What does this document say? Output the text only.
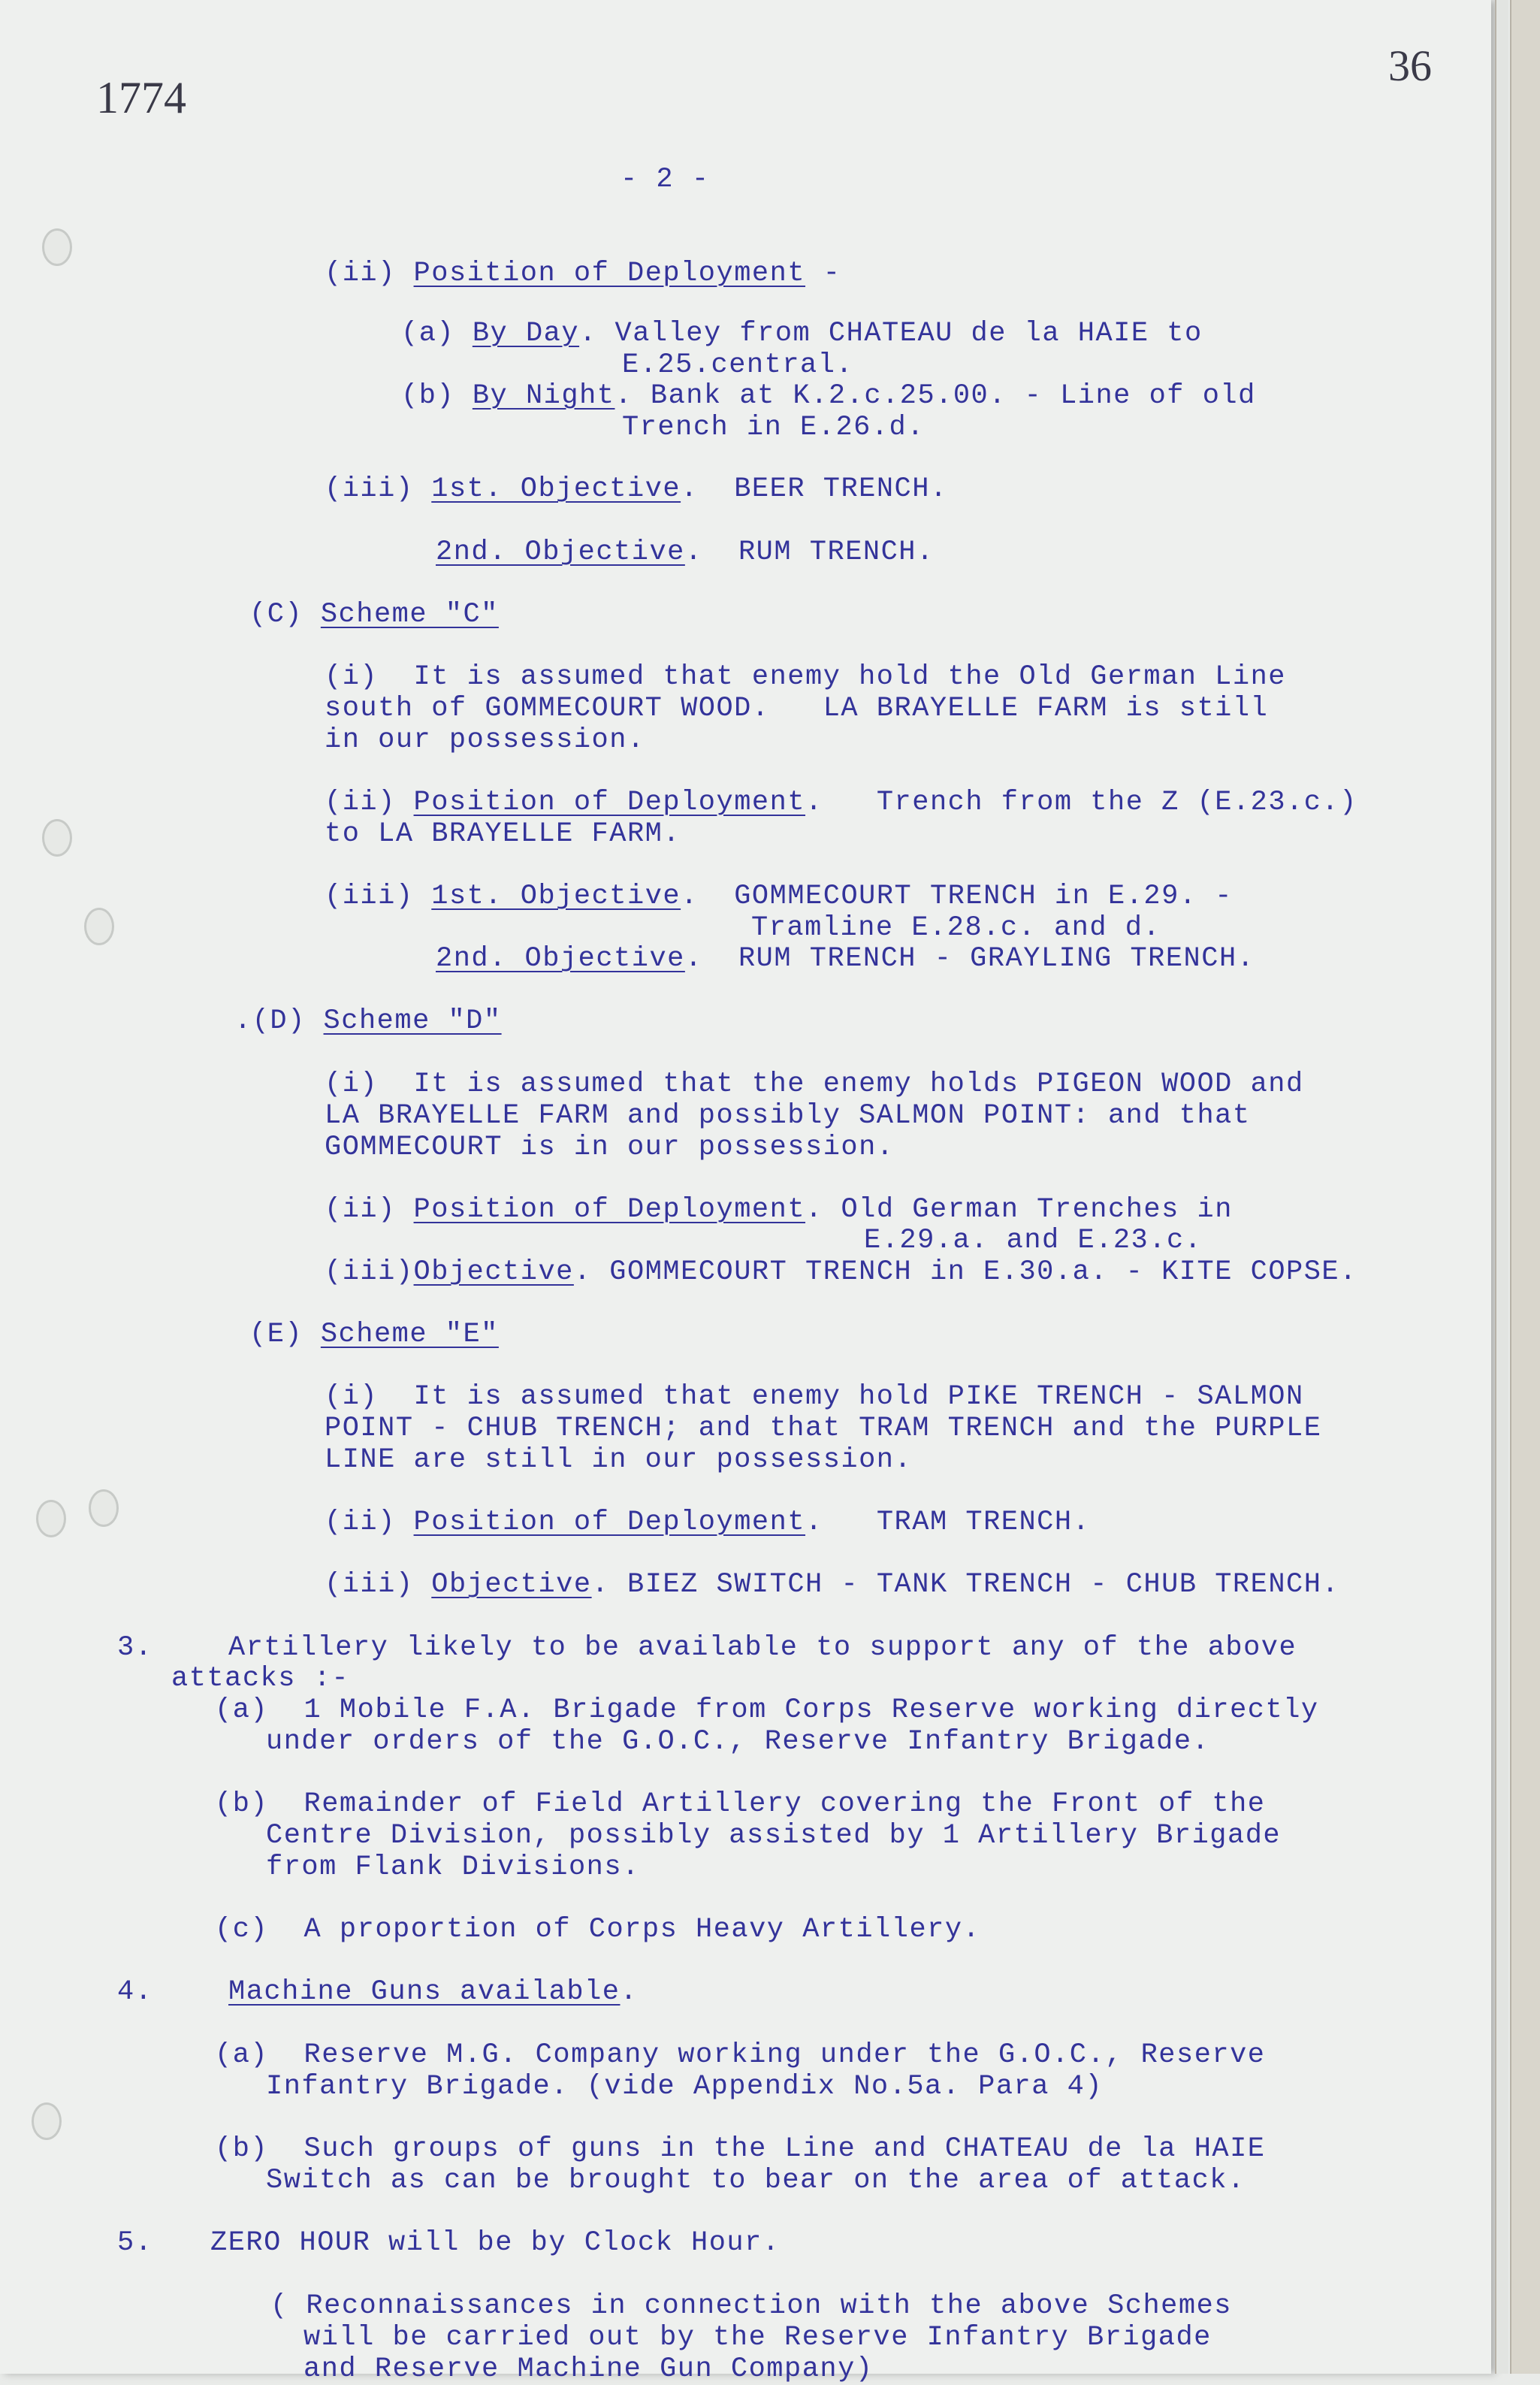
1774
36
- 2 -
(ii) Position of Deployment -
(a) By Day. Valley from CHATEAU de la HAIE to
E.25.central.
(b) By Night. Bank at K.2.c.25.00. - Line of old
Trench in E.26.d.
(iii) 1st. Objective.  BEER TRENCH.
2nd. Objective.  RUM TRENCH.
(C) Scheme "C"
(i)  It is assumed that enemy hold the Old German Line
south of GOMMECOURT WOOD.   LA BRAYELLE FARM is still
in our possession.
(ii) Position of Deployment.   Trench from the Z (E.23.c.)
to LA BRAYELLE FARM.
(iii) 1st. Objective.  GOMMECOURT TRENCH in E.29. -
Tramline E.28.c. and d.
2nd. Objective.  RUM TRENCH - GRAYLING TRENCH.
.(D) Scheme "D"
(i)  It is assumed that the enemy holds PIGEON WOOD and
LA BRAYELLE FARM and possibly SALMON POINT: and that
GOMMECOURT is in our possession.
(ii) Position of Deployment. Old German Trenches in
E.29.a. and E.23.c.
(iii)Objective. GOMMECOURT TRENCH in E.30.a. - KITE COPSE.
(E) Scheme "E"
(i)  It is assumed that enemy hold PIKE TRENCH - SALMON
POINT - CHUB TRENCH; and that TRAM TRENCH and the PURPLE
LINE are still in our possession.
(ii) Position of Deployment.   TRAM TRENCH.
(iii) Objective. BIEZ SWITCH - TANK TRENCH - CHUB TRENCH.
3.	Artillery likely to be available to support any of the above
attacks :-
(a)  1 Mobile F.A. Brigade from Corps Reserve working directly
under orders of the G.O.C., Reserve Infantry Brigade.
(b)  Remainder of Field Artillery covering the Front of the
Centre Division, possibly assisted by 1 Artillery Brigade
from Flank Divisions.
(c)  A proportion of Corps Heavy Artillery.
4.	Machine Guns available.
(a)  Reserve M.G. Company working under the G.O.C., Reserve
Infantry Brigade. (vide Appendix No.5a. Para 4)
(b)  Such groups of guns in the Line and CHATEAU de la HAIE
Switch as can be brought to bear on the area of attack.
5. ZERO HOUR will be by Clock Hour.
( Reconnaissances in connection with the above Schemes
will be carried out by the Reserve Infantry Brigade
and Reserve Machine Gun Company)
